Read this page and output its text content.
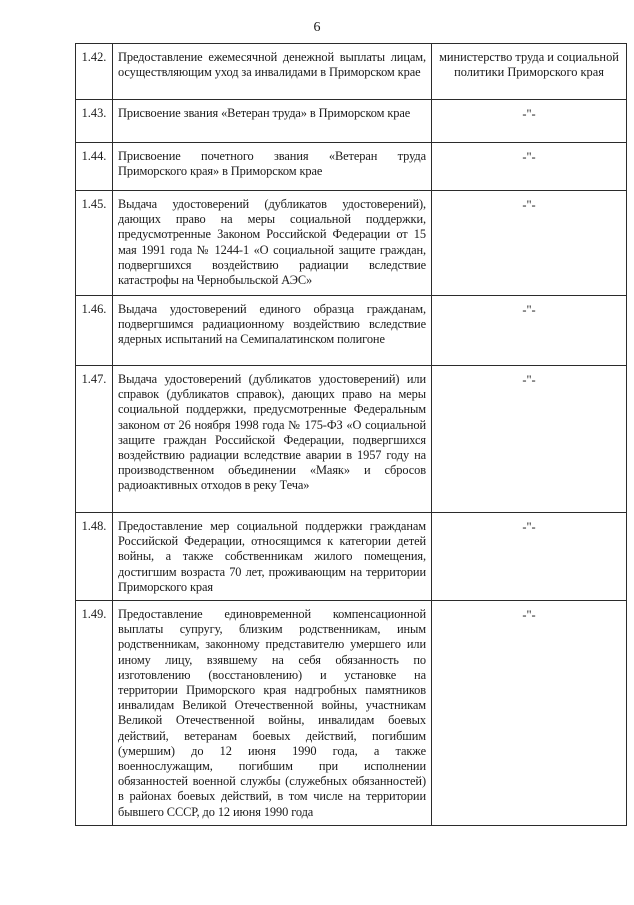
6
1.42.	Предоставление ежемесячной денежной выплаты лицам, осуществляющим уход за инвалидами в Приморском крае	министерство труда и социальной политики Приморского края
1.43.	Присвоение звания «Ветеран труда» в Приморском крае	-"-
1.44.	Присвоение почетного звания «Ветеран труда Приморского края» в Приморском крае	-"-
1.45.	Выдача удостоверений (дубликатов удостоверений), дающих право на меры социальной поддержки, предусмотренные Законом Российской Федерации от 15 мая 1991 года № 1244-1 «О социальной защите граждан, подвергшихся воздействию радиации вследствие катастрофы на Чернобыльской АЭС»	-"-
1.46.	Выдача удостоверений единого образца гражданам, подвергшимся радиационному воздействию вследствие ядерных испытаний на Семипалатинском полигоне	-"-
1.47.	Выдача удостоверений (дубликатов удостоверений) или справок (дубликатов справок), дающих право на меры социальной поддержки, предусмотренные Федеральным законом от 26 ноября 1998 года № 175-ФЗ «О социальной защите граждан Российской Федерации, подвергшихся воздействию радиации вследствие аварии в 1957 году на производственном объединении «Маяк» и сбросов радиоактивных отходов в реку Теча»	-"-
1.48.	Предоставление мер социальной поддержки гражданам Российской Федерации, относящимся к категории детей войны, а также собственникам жилого помещения, достигшим возраста 70 лет, проживающим на территории Приморского края	-"-
1.49.	Предоставление единовременной компенсационной выплаты супругу, близким родственникам, иным родственникам, законному представителю умершего или иному лицу, взявшему на себя обязанность по изготовлению (восстановлению) и установке на территории Приморского края надгробных памятников инвалидам Великой Отечественной войны, участникам Великой Отечественной войны, инвалидам боевых действий, ветеранам боевых действий, погибшим (умершим) до 12 июня 1990 года, а также военнослужащим, погибшим при исполнении обязанностей военной службы (служебных обязанностей) в районах боевых действий, в том числе на территории бывшего СССР, до 12 июня 1990 года	-"-
